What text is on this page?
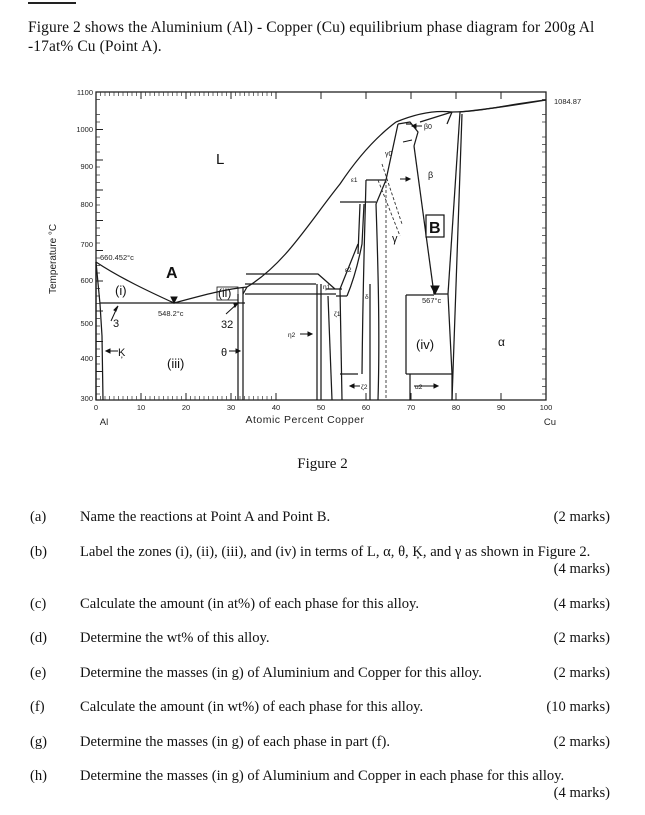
Figure 2 shows the Aluminium (Al) - Copper (Cu) equilibrium phase diagram for 200g Al -17at% Cu (Point A).
1100
1000
900
800
700
600
500
400
300
0	10	20	30	40	50	60	70	80	90	100
Temperature °C
Atomic Percent Copper
Al	Cu
660.452°c
548.2°c
567°c
1084.87
L
α
γ
β
θ
Ķ
β0
γ0
ε1
ε2
η1
η2
ζ1
ζ2
δ
α2
A
B
(i)	(ii)
(iii)
(iv)
3	32
Figure 2
(a) Name the reactions at Point A and Point B.	(2 marks)
(b) Label the zones (i), (ii), (iii), and (iv) in terms of L, α, θ, Ķ, and γ as shown in Figure 2.
(4 marks)
(c) Calculate the amount (in at%) of each phase for this alloy.	(4 marks)
(d) Determine the wt% of this alloy.	(2 marks)
(e) Determine the masses (in g) of Aluminium and Copper for this alloy.	(2 marks)
(f) Calculate the amount (in wt%) of each phase for this alloy.	(10 marks)
(g) Determine the masses (in g) of each phase in part (f).	(2 marks)
(h) Determine the masses (in g) of Aluminium and Copper in each phase for this alloy.
(4 marks)
